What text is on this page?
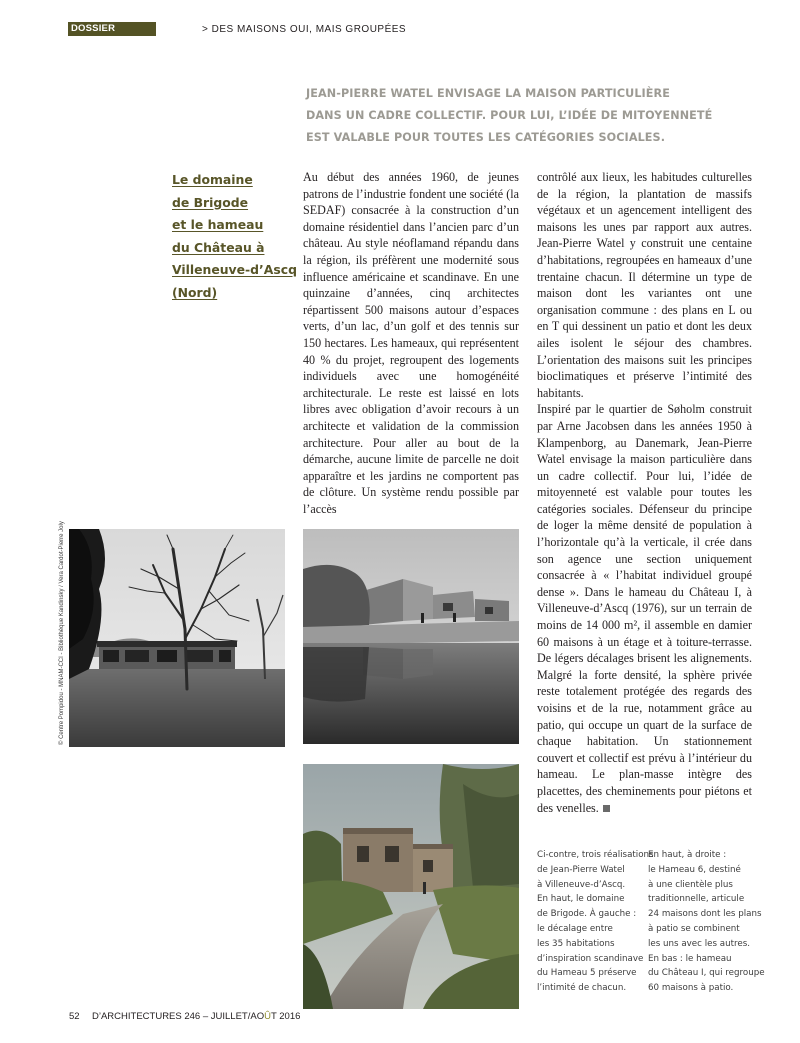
DOSSIER	> DES MAISONS OUI, MAIS GROUPÉES
JEAN-PIERRE WATEL ENVISAGE LA MAISON PARTICULIÈRE
DANS UN CADRE COLLECTIF. POUR LUI, L’IDÉE DE MITOYENNETÉ
EST VALABLE POUR TOUTES LES CATÉGORIES SOCIALES.
Le domaine
de Brigode
et le hameau
du Château à
Villeneuve-d’Ascq
(Nord)

Au début des années 1960, de jeunes patrons de l’industrie fondent une société (la SEDAF) consacrée à la construction d’un domaine résidentiel dans l’ancien parc d’un château. Au style néoflamand répandu dans la région, ils préfèrent une modernité sous influence américaine et scandinave. En une quinzaine d’années, cinq architectes répartissent 500 maisons autour d’espaces verts, d’un lac, d’un golf et des tennis sur 150 hectares. Les hameaux, qui représentent 40 % du projet, regroupent des logements individuels avec une homogénéité architecturale. Le reste est laissé en lots libres avec obligation d’avoir recours à un architecte et validation de la commission architecture. Pour aller au bout de la démarche, aucune limite de parcelle ne doit apparaître et les jardins ne comportent pas de clôture. Un système rendu possible par l’accès

contrôlé aux lieux, les habitudes culturelles de la région, la plantation de massifs végétaux et un agencement intelligent des maisons les unes par rapport aux autres. Jean-Pierre Watel y construit une centaine d’habitations, regroupées en hameaux d’une trentaine chacun. Il détermine un type de maison dont les variantes ont une organisation commune : des plans en L ou en T qui dessinent un patio et dont les deux ailes isolent le séjour des chambres. L’orientation des maisons suit les principes bioclimatiques et préserve l’intimité des habitants.

Inspiré par le quartier de Søholm construit par Arne Jacobsen dans les années 1950 à Klampenborg, au Danemark, Jean-Pierre Watel envisage la maison particulière dans un cadre collectif. Pour lui, l’idée de mitoyenneté est valable pour toutes les catégories sociales. Défenseur du principe de loger la même densité de population à l’horizontale qu’à la verticale, il crée dans son agence une section uniquement consacrée à « l’habitat individuel groupé dense ». Dans le hameau du Château I, à Villeneuve-d’Ascq (1976), sur un terrain de moins de 14 000 m², il assemble en damier 60 maisons à un étage et à toiture-terrasse. De légers décalages brisent les alignements. Malgré la forte densité, la sphère privée reste totalement protégée des regards des voisins et de la rue, notamment grâce au patio, qui occupe un quart de la surface de chaque habitation. Un stationnement couvert et collectif est prévu à l’intérieur du hameau. Le plan-masse intègre des placettes, des cheminements pour piétons et des venelles.

© Centre Pompidou - MNAM-CCI - Bibliothèque Kandinsky / Vera Cardot-Pierre Joly
Ci-contre, trois réalisations
de Jean-Pierre Watel
à Villeneuve-d’Ascq.
En haut, le domaine
de Brigode. À gauche :
le décalage entre
les 35 habitations
d’inspiration scandinave
du Hameau 5 préserve
l’intimité de chacun.
En haut, à droite :
le Hameau 6, destiné
à une clientèle plus
traditionnelle, articule
24 maisons dont les plans
à patio se combinent
les uns avec les autres.
En bas : le hameau
du Château I, qui regroupe
60 maisons à patio.
52 D’ARCHITECTURES 246 – JUILLET/AOÛT 2016
